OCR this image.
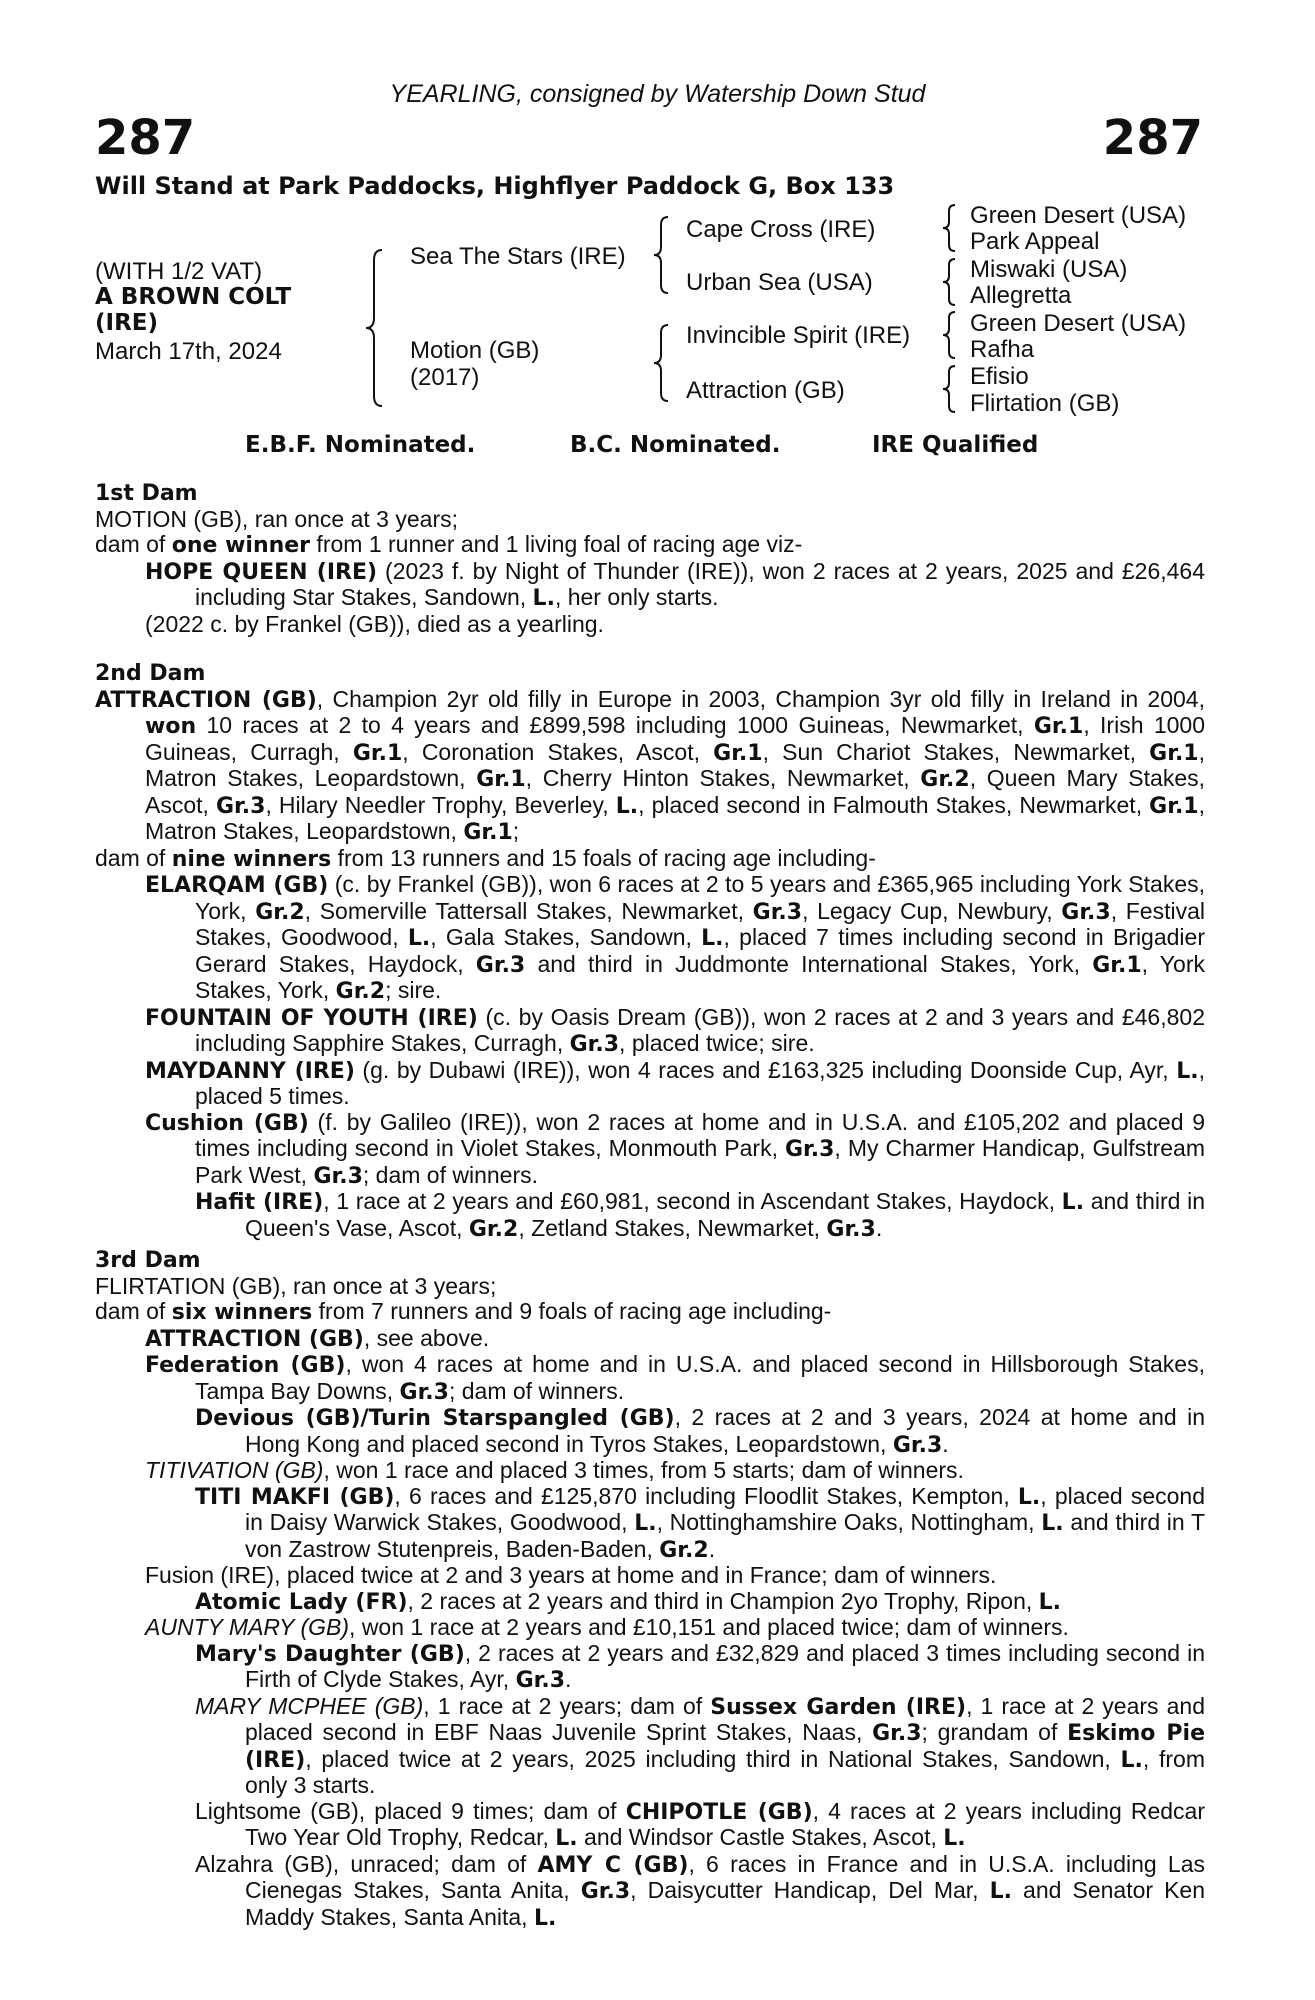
YEARLING, consigned by Watership Down Stud
287	287
Will Stand at Park Paddocks, Highflyer Paddock G, Box 133
(WITH 1/2 VAT)
A BROWN COLT
(IRE)
March 17th, 2024
Sea The Stars (IRE)
Motion (GB)
(2017)
Cape Cross (IRE)
Urban Sea (USA)
Invincible Spirit (IRE)
Attraction (GB)
Green Desert (USA)
Park Appeal
Miswaki (USA)
Allegretta
Green Desert (USA)
Rafha
Efisio
Flirtation (GB)
E.B.F. Nominated.	B.C. Nominated.	IRE Qualified
1st Dam

MOTION (GB), ran once at 3 years;

dam of one winner from 1 runner and 1 living foal of racing age viz-

HOPE QUEEN (IRE) (2023 f. by Night of Thunder (IRE)), won 2 races at 2 years, 2025 and £26,464 including Star Stakes, Sandown, L., her only starts.

(2022 c. by Frankel (GB)), died as a yearling.

2nd Dam

ATTRACTION (GB), Champion 2yr old filly in Europe in 2003, Champion 3yr old filly in Ireland in 2004, won 10 races at 2 to 4 years and £899,598 including 1000 Guineas, Newmarket, Gr.1, Irish 1000 Guineas, Curragh, Gr.1, Coronation Stakes, Ascot, Gr.1, Sun Chariot Stakes, Newmarket, Gr.1, Matron Stakes, Leopardstown, Gr.1, Cherry Hinton Stakes, Newmarket, Gr.2, Queen Mary Stakes, Ascot, Gr.3, Hilary Needler Trophy, Beverley, L., placed second in Falmouth Stakes, Newmarket, Gr.1, Matron Stakes, Leopardstown, Gr.1;

dam of nine winners from 13 runners and 15 foals of racing age including-

ELARQAM (GB) (c. by Frankel (GB)), won 6 races at 2 to 5 years and £365,965 including York Stakes, York, Gr.2, Somerville Tattersall Stakes, Newmarket, Gr.3, Legacy Cup, Newbury, Gr.3, Festival Stakes, Goodwood, L., Gala Stakes, Sandown, L., placed 7 times including second in Brigadier Gerard Stakes, Haydock, Gr.3 and third in Juddmonte International Stakes, York, Gr.1, York Stakes, York, Gr.2; sire.

FOUNTAIN OF YOUTH (IRE) (c. by Oasis Dream (GB)), won 2 races at 2 and 3 years and £46,802 including Sapphire Stakes, Curragh, Gr.3, placed twice; sire.

MAYDANNY (IRE) (g. by Dubawi (IRE)), won 4 races and £163,325 including Doonside Cup, Ayr, L., placed 5 times.

Cushion (GB) (f. by Galileo (IRE)), won 2 races at home and in U.S.A. and £105,202 and placed 9 times including second in Violet Stakes, Monmouth Park, Gr.3, My Charmer Handicap, Gulfstream Park West, Gr.3; dam of winners.

Hafit (IRE), 1 race at 2 years and £60,981, second in Ascendant Stakes, Haydock, L. and third in Queen's Vase, Ascot, Gr.2, Zetland Stakes, Newmarket, Gr.3.

3rd Dam

FLIRTATION (GB), ran once at 3 years;

dam of six winners from 7 runners and 9 foals of racing age including-

ATTRACTION (GB), see above.

Federation (GB), won 4 races at home and in U.S.A. and placed second in Hillsborough Stakes, Tampa Bay Downs, Gr.3; dam of winners.

Devious (GB)/Turin Starspangled (GB), 2 races at 2 and 3 years, 2024 at home and in Hong Kong and placed second in Tyros Stakes, Leopardstown, Gr.3.

TITIVATION (GB), won 1 race and placed 3 times, from 5 starts; dam of winners.

TITI MAKFI (GB), 6 races and £125,870 including Floodlit Stakes, Kempton, L., placed second in Daisy Warwick Stakes, Goodwood, L., Nottinghamshire Oaks, Nottingham, L. and third in T von Zastrow Stutenpreis, Baden-Baden, Gr.2.

Fusion (IRE), placed twice at 2 and 3 years at home and in France; dam of winners.

Atomic Lady (FR), 2 races at 2 years and third in Champion 2yo Trophy, Ripon, L.

AUNTY MARY (GB), won 1 race at 2 years and £10,151 and placed twice; dam of winners.

Mary's Daughter (GB), 2 races at 2 years and £32,829 and placed 3 times including second in Firth of Clyde Stakes, Ayr, Gr.3.

MARY MCPHEE (GB), 1 race at 2 years; dam of Sussex Garden (IRE), 1 race at 2 years and placed second in EBF Naas Juvenile Sprint Stakes, Naas, Gr.3; grandam of Eskimo Pie (IRE), placed twice at 2 years, 2025 including third in National Stakes, Sandown, L., from only 3 starts.

Lightsome (GB), placed 9 times; dam of CHIPOTLE (GB), 4 races at 2 years including Redcar Two Year Old Trophy, Redcar, L. and Windsor Castle Stakes, Ascot, L.

Alzahra (GB), unraced; dam of AMY C (GB), 6 races in France and in U.S.A. including Las Cienegas Stakes, Santa Anita, Gr.3, Daisycutter Handicap, Del Mar, L. and Senator Ken Maddy Stakes, Santa Anita, L.
